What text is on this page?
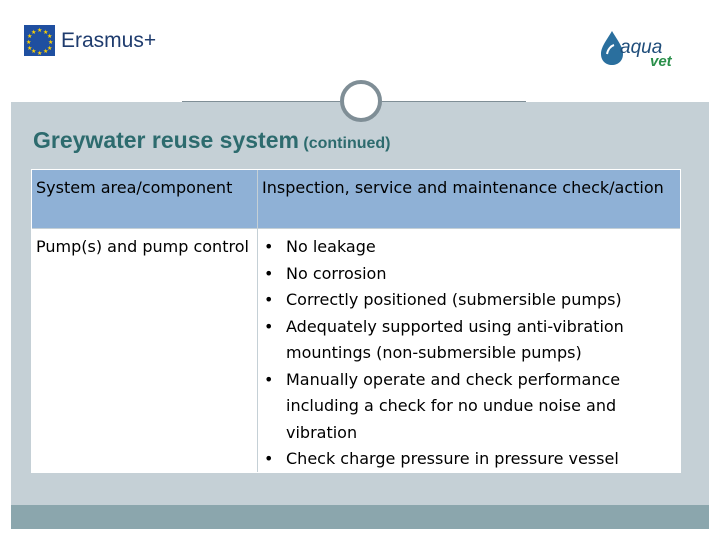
★ ★
★
★
★
★
★
★
★
★
★
★ Erasmus+	aqua
vet
Greywater reuse system (continued)
System area/component	Inspection, service and maintenance check/action
Pump(s) and pump control • No leakage
• No corrosion
• Correctly positioned (submersible pumps)
• Adequately supported using anti-vibration mountings (non-submersible pumps)
• Manually operate and check performance including a check for no undue noise and vibration
• Check charge pressure in pressure vessel
